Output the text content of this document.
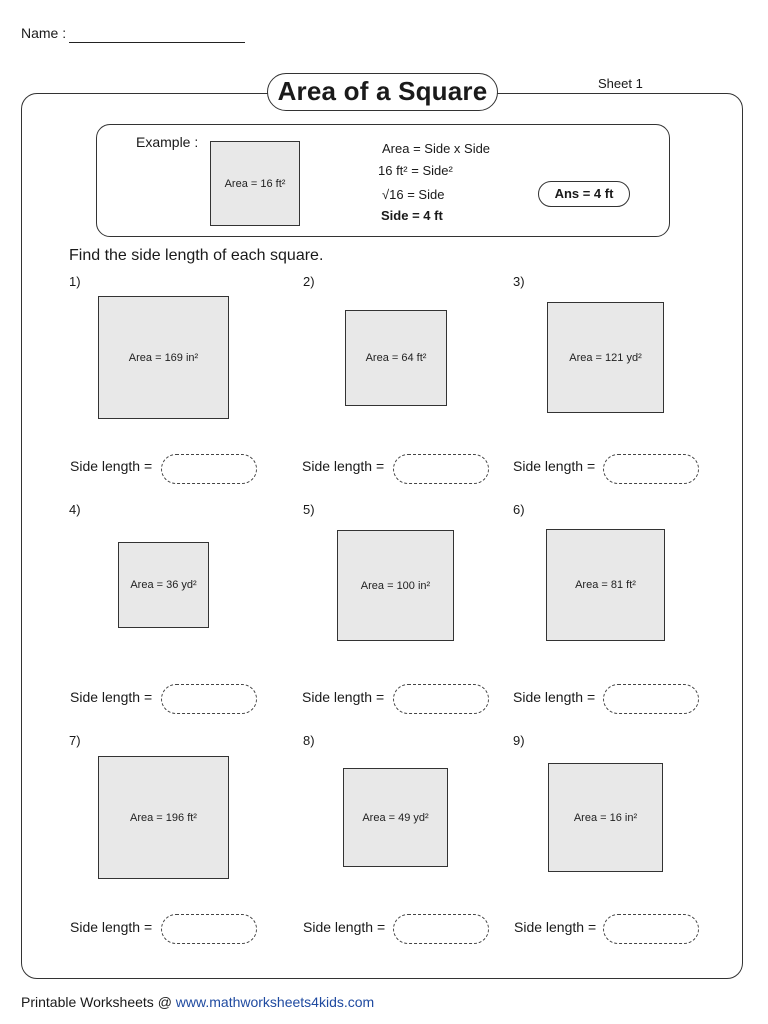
Name :
Area of a Square	Sheet 1
Example :
Area = 16 ft²
Area = Side x Side
16 ft² = Side²
√16 = Side
Side = 4 ft
Ans = 4 ft
Find the side length of each square.
1)
Area = 169 in²
Side length =
2)
Area = 64 ft²
Side length =
3)
Area = 121 yd²
Side length =
4)
Area = 36 yd²
Side length =
5)
Area = 100 in²
Side length =
6)
Area = 81 ft²
Side length =
7)
Area = 196 ft²
Side length =
8)
Area = 49 yd²
Side length =
9)
Area = 16 in²
Side length =
Printable Worksheets @ www.mathworksheets4kids.com
